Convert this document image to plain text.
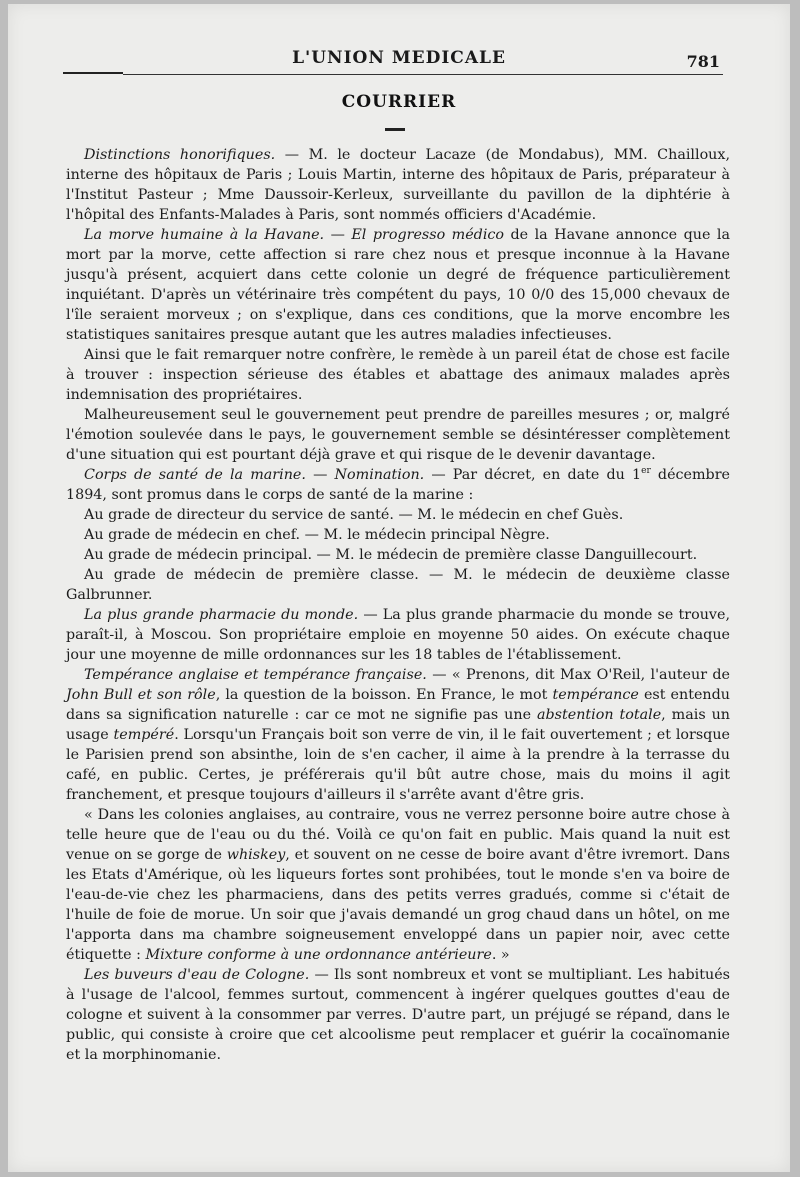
L'UNION MEDICALE	781
COURRIER

Distinctions honorifiques. — M. le docteur Lacaze (de Mondabus), MM. Chailloux, interne des hôpitaux de Paris ; Louis Martin, interne des hôpitaux de Paris, préparateur à l'Institut Pasteur ; Mme Daussoir-Kerleux, surveillante du pavillon de la diphtérie à l'hôpital des Enfants-Malades à Paris, sont nommés officiers d'Académie.

La morve humaine à la Havane. — El progresso médico de la Havane annonce que la mort par la morve, cette affection si rare chez nous et presque inconnue à la Havane jusqu'à présent, acquiert dans cette colonie un degré de fréquence particulièrement inquiétant. D'après un vétérinaire très compétent du pays, 10 0/0 des 15,000 chevaux de l'île seraient morveux ; on s'explique, dans ces conditions, que la morve encombre les statistiques sanitaires presque autant que les autres maladies infectieuses.

Ainsi que le fait remarquer notre confrère, le remède à un pareil état de chose est facile à trouver : inspection sérieuse des étables et abattage des animaux malades après indemnisation des propriétaires.

Malheureusement seul le gouvernement peut prendre de pareilles mesures ; or, malgré l'émotion soulevée dans le pays, le gouvernement semble se désintéresser complètement d'une situation qui est pourtant déjà grave et qui risque de le devenir davantage.

Corps de santé de la marine. — Nomination. — Par décret, en date du 1er décembre 1894, sont promus dans le corps de santé de la marine :

Au grade de directeur du service de santé. — M. le médecin en chef Guès.

Au grade de médecin en chef. — M. le médecin principal Nègre.

Au grade de médecin principal. — M. le médecin de première classe Danguillecourt.

Au grade de médecin de première classe. — M. le médecin de deuxième classe Galbrunner.

La plus grande pharmacie du monde. — La plus grande pharmacie du monde se trouve, paraît-il, à Moscou. Son propriétaire emploie en moyenne 50 aides. On exécute chaque jour une moyenne de mille ordonnances sur les 18 tables de l'établissement.

Tempérance anglaise et tempérance française. — « Prenons, dit Max O'Reil, l'auteur de John Bull et son rôle, la question de la boisson. En France, le mot tempérance est entendu dans sa signification naturelle : car ce mot ne signifie pas une abstention totale, mais un usage tempéré. Lorsqu'un Français boit son verre de vin, il le fait ouvertement ; et lorsque le Parisien prend son absinthe, loin de s'en cacher, il aime à la prendre à la terrasse du café, en public. Certes, je préférerais qu'il bût autre chose, mais du moins il agit franchement, et presque toujours d'ailleurs il s'arrête avant d'être gris.

« Dans les colonies anglaises, au contraire, vous ne verrez personne boire autre chose à telle heure que de l'eau ou du thé. Voilà ce qu'on fait en public. Mais quand la nuit est venue on se gorge de whiskey, et souvent on ne cesse de boire avant d'être ivremort. Dans les Etats d'Amérique, où les liqueurs fortes sont prohibées, tout le monde s'en va boire de l'eau-de-vie chez les pharmaciens, dans des petits verres gradués, comme si c'était de l'huile de foie de morue. Un soir que j'avais demandé un grog chaud dans un hôtel, on me l'apporta dans ma chambre soigneusement enveloppé dans un papier noir, avec cette étiquette : Mixture conforme à une ordonnance antérieure. »

Les buveurs d'eau de Cologne. — Ils sont nombreux et vont se multipliant. Les habitués à l'usage de l'alcool, femmes surtout, commencent à ingérer quelques gouttes d'eau de cologne et suivent à la consommer par verres. D'autre part, un préjugé se répand, dans le public, qui consiste à croire que cet alcoolisme peut remplacer et guérir la cocaïnomanie et la morphinomanie.
